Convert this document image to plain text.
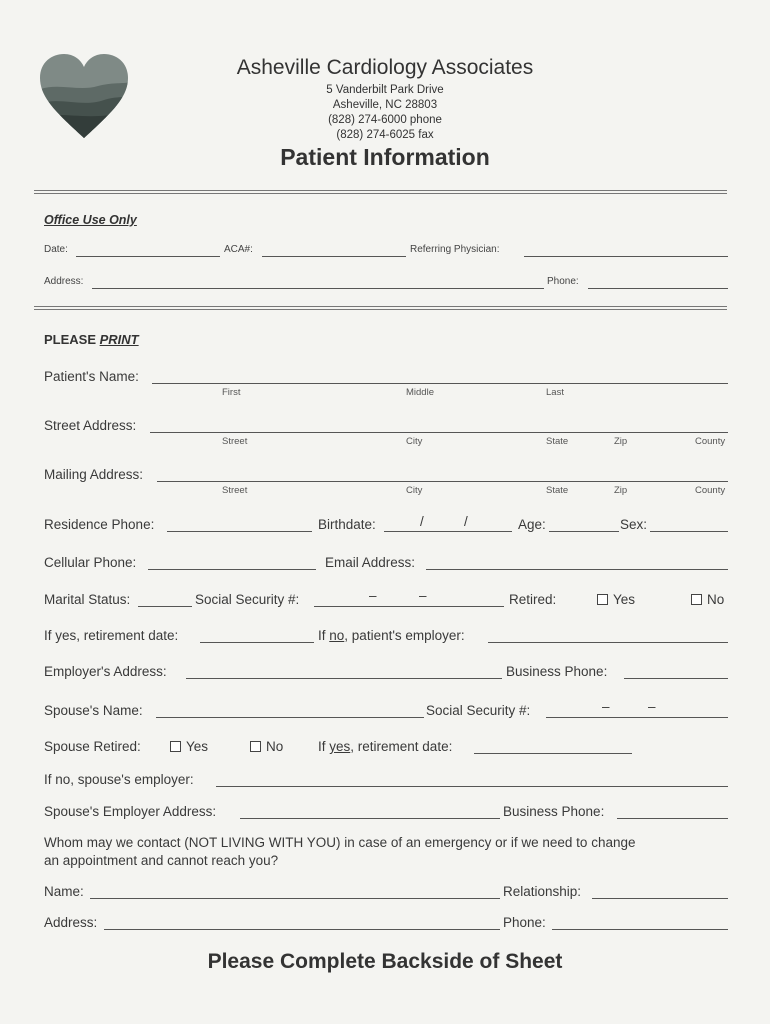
Asheville Cardiology Associates
5 Vanderbilt Park Drive
Asheville, NC 28803
(828) 274-6000 phone
(828) 274-6025 fax
Patient Information
Office Use Only
Date:	ACA#:	Referring Physician:
Address:	Phone:
PLEASE PRINT
Patient's Name:
First	Middle	Last
Street Address:
Street	City	State	Zip	County
Mailing Address:
Street	City	State	Zip	County
Residence Phone:	Birthdate:	/	/	Age:	Sex:
Cellular Phone:	Email Address:
Marital Status:	Social Security #:	–	–	Retired:	Yes	No
If yes, retirement date:	If no, patient's employer:
Employer's Address:	Business Phone:
Spouse's Name:	Social Security #:	–	–
Spouse Retired:	Yes	No	If yes, retirement date:
If no, spouse's employer:
Spouse's Employer Address:	Business Phone:
Whom may we contact (NOT LIVING WITH YOU) in case of an emergency or if we need to change
an appointment and cannot reach you?
Name:	Relationship:
Address:	Phone:
Please Complete Backside of Sheet
